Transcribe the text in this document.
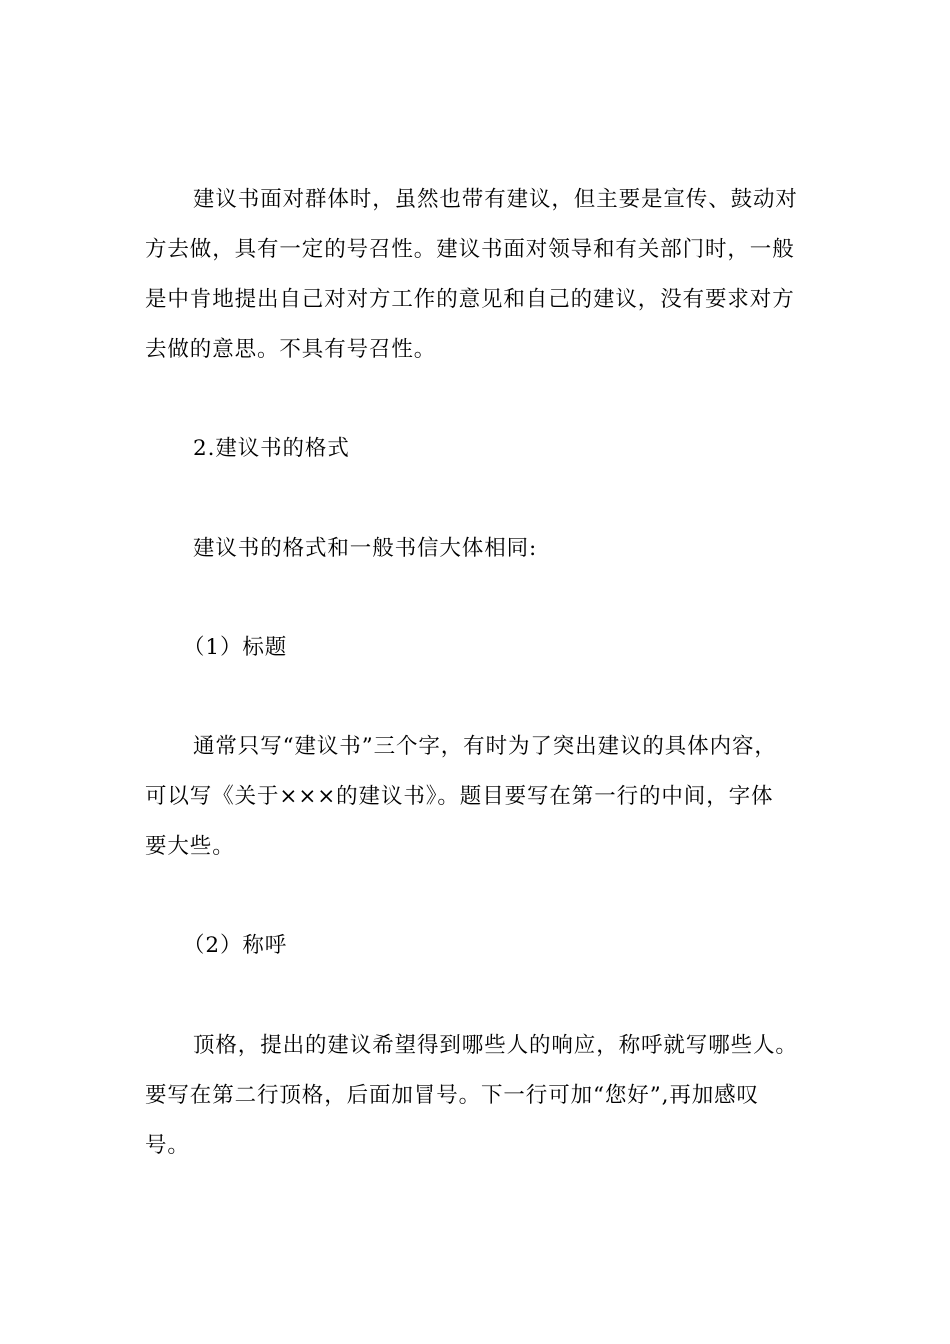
建议书面对群体时，虽然也带有建议，但主要是宣传、鼓动对
方去做，具有一定的号召性。建议书面对领导和有关部门时，一般
是中肯地提出自己对对方工作的意见和自己的建议，没有要求对方
去做的意思。不具有号召性。

2.建议书的格式

建议书的格式和一般书信大体相同:

（1）标题

通常只写“建议书”三个字，有时为了突出建议的具体内容，
可以写《关于×××的建议书》。题目要写在第一行的中间，字体
要大些。

（2）称呼

顶格，提出的建议希望得到哪些人的响应，称呼就写哪些人。
要写在第二行顶格，后面加冒号。下一行可加“您好”,再加感叹
号。
